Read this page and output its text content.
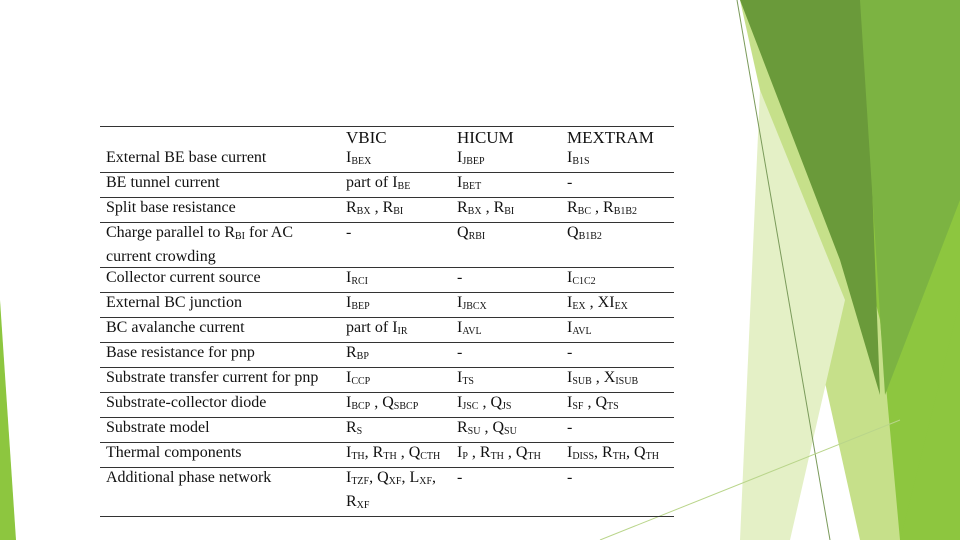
	VBIC	HICUM	MEXTRAM
External BE base current	$I_{BEX}$	$I_{JBEP}$	$I_{B1S}$
BE tunnel current	part of $I_{BE}$	$I_{BET}$	-
Split base resistance	$R_{BX}$ , $R_{BI}$	$R_{BX}$ , $R_{BI}$	$R_{BC}$ , $R_{B1B2}$
Charge parallel to $R_{BI}$ for AC current crowding	-	$Q_{RBI}$	$Q_{B1B2}$
Collector current source	$I_{RCI}$	-	$I_{C1C2}$
External BC junction	$I_{BEP}$	$I_{JBCX}$	$I_{EX}$ , $XI_{EX}$
BC avalanche current	part of $I_{IR}$	$I_{AVL}$	$I_{AVL}$
Base resistance for pnp	$R_{BP}$	-	-
Substrate transfer current for pnp	$I_{CCP}$	$I_{TS}$	$I_{SUB}$ , $X_{ISUB}$
Substrate-collector diode	$I_{BCP}$ , $Q_{SBCP}$	$I_{JSC}$ , $Q_{JS}$	$I_{SF}$ , $Q_{TS}$
Substrate model	$R_S$	$R_{SU}$ , $Q_{SU}$	-
Thermal components	$I_{TH}$, $R_{TH}$ , $Q_{CTH}$	$I_P$ , $R_{TH}$ , $Q_{TH}$	$I_{DISS}$, $R_{TH}$, $Q_{TH}$
Additional phase network	$I_{TZF}$, $Q_{XF}$, $L_{XF}$, $R_{XF}$	-	-
